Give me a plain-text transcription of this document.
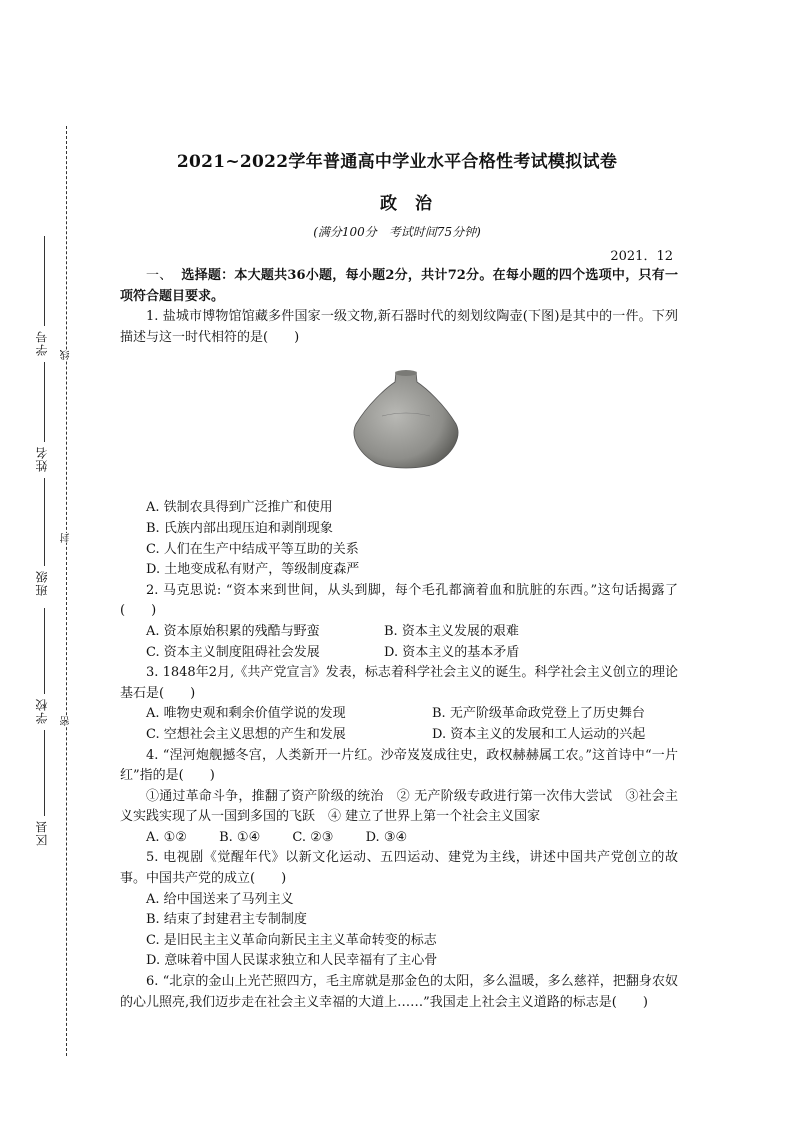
学号
姓名
班级
学校
区县
线
封
密
2021~2022学年普通高中学业水平合格性考试模拟试卷
政治
(满分100分　考试时间75分钟)
2021．12

一、 选择题：本大题共36小题，每小题2分，共计72分。在每小题的四个选项中，只有一项符合题目要求。

1. 盐城市博物馆馆藏多件国家一级文物,新石器时代的刻划纹陶壶(下图)是其中的一件。下列描述与这一时代相符的是(　　)

A. 铁制农具得到广泛推广和使用

B. 氏族内部出现压迫和剥削现象

C. 人们在生产中结成平等互助的关系

D. 土地变成私有财产，等级制度森严

2. 马克思说: “资本来到世间，从头到脚，每个毛孔都滴着血和肮脏的东西。”这句话揭露了(　　)

A. 资本原始积累的残酷与野蛮	B. 资本主义发展的艰难
C. 资本主义制度阻碍社会发展	D. 资本主义的基本矛盾

3. 1848年2月,《共产党宣言》发表，标志着科学社会主义的诞生。科学社会主义创立的理论基石是(　　)

A. 唯物史观和剩余价值学说的发现	B. 无产阶级革命政党登上了历史舞台
C. 空想社会主义思想的产生和发展	D. 资本主义的发展和工人运动的兴起

4. “涅河炮舰撼冬宫，人类新开一片红。沙帝岌岌成往史，政权赫赫属工农。”这首诗中“一片红”指的是(　　)

①通过革命斗争，推翻了资产阶级的统治　② 无产阶级专政进行第一次伟大尝试　③社会主义实践实现了从一国到多国的飞跃　④ 建立了世界上第一个社会主义国家

A. ①② B. ①④ C. ②③ D. ③④

5. 电视剧《觉醒年代》以新文化运动、五四运动、建党为主线，讲述中国共产党创立的故事。中国共产党的成立(　　)

A. 给中国送来了马列主义

B. 结束了封建君主专制制度

C. 是旧民主主义革命向新民主主义革命转变的标志

D. 意味着中国人民谋求独立和人民幸福有了主心骨

6. “北京的金山上光芒照四方，毛主席就是那金色的太阳，多么温暖，多么慈祥，把翻身农奴的心儿照亮,我们迈步走在社会主义幸福的大道上……”我国走上社会主义道路的标志是(　　)
